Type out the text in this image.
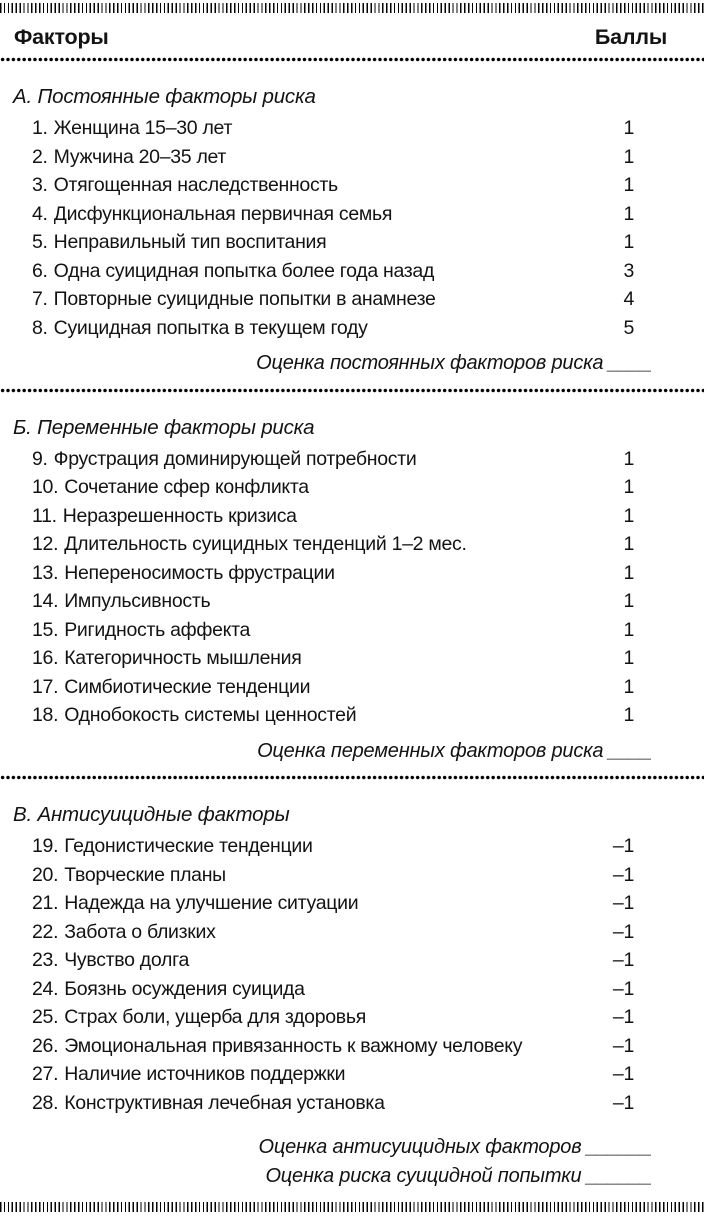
Факторы	Баллы
А. Постоянные факторы риска
1. Женщина 15–30 лет	1
2. Мужчина 20–35 лет	1
3. Отягощенная наследственность	1
4. Дисфункциональная первичная семья	1
5. Неправильный тип воспитания	1
6. Одна суицидная попытка более года назад	3
7. Повторные суицидные попытки в анамнезе	4
8. Суицидная попытка в текущем году	5
Оценка постоянных факторов риска ____
Б. Переменные факторы риска
9. Фрустрация доминирующей потребности	1
10. Сочетание сфер конфликта	1
11. Неразрешенность кризиса	1
12. Длительность суицидных тенденций 1–2 мес.	1
13. Непереносимость фрустрации	1
14. Импульсивность	1
15. Ригидность аффекта	1
16. Категоричность мышления	1
17. Симбиотические тенденции	1
18. Однобокость системы ценностей	1
Оценка переменных факторов риска ____
В. Антисуицидные факторы
19. Гедонистические тенденции	–1
20. Творческие планы	–1
21. Надежда на улучшение ситуации	–1
22. Забота о близких	–1
23. Чувство долга	–1
24. Боязнь осуждения суицида	–1
25. Страх боли, ущерба для здоровья	–1
26. Эмоциональная привязанность к важному человеку	–1
27. Наличие источников поддержки	–1
28. Конструктивная лечебная установка	–1
Оценка антисуицидных факторов ______
Оценка риска суицидной попытки ______
